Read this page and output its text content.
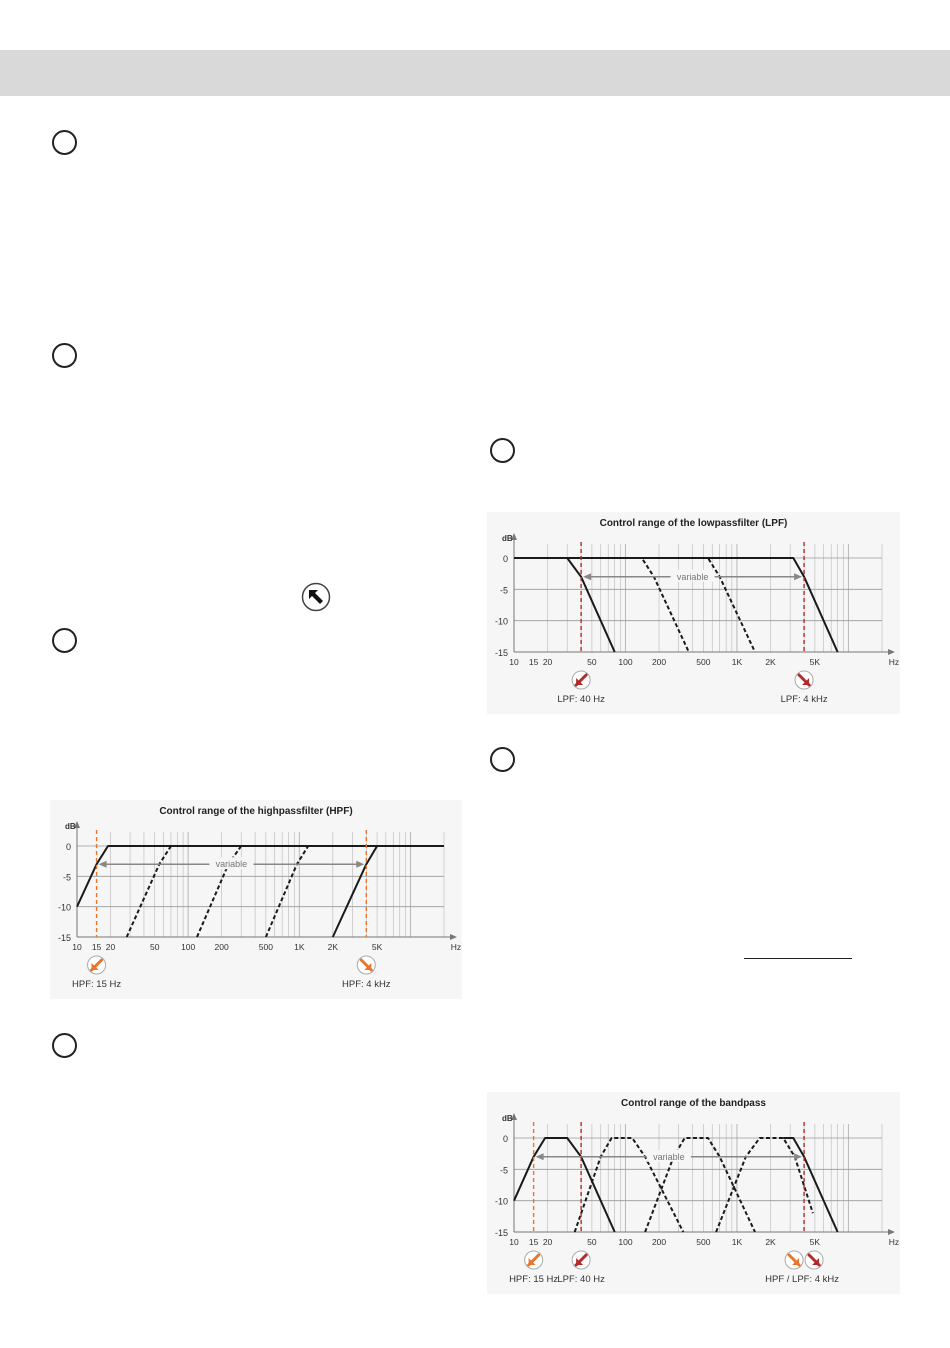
Control range of the lowpassfilter (LPF)
0
-5
-10
-15
dB
Hz
10 15 20	50	100 200	500	1K	2K	5K
variable
LPF: 40 Hz	LPF: 4 kHz
Control range of the highpassfilter (HPF)
0
-5
-10
-15
dB
Hz
10 15 20	50	100 200	500 1K	2K	5K
variable
HPF: 15 Hz	HPF: 4 kHz
Control range of the bandpass
0
-5
-10
-15
dB
Hz
10 15 20	50	100 200	500	1K	2K	5K
variable
HPF: 15 Hz LPF: 40 Hz	HPF / LPF: 4 kHz
